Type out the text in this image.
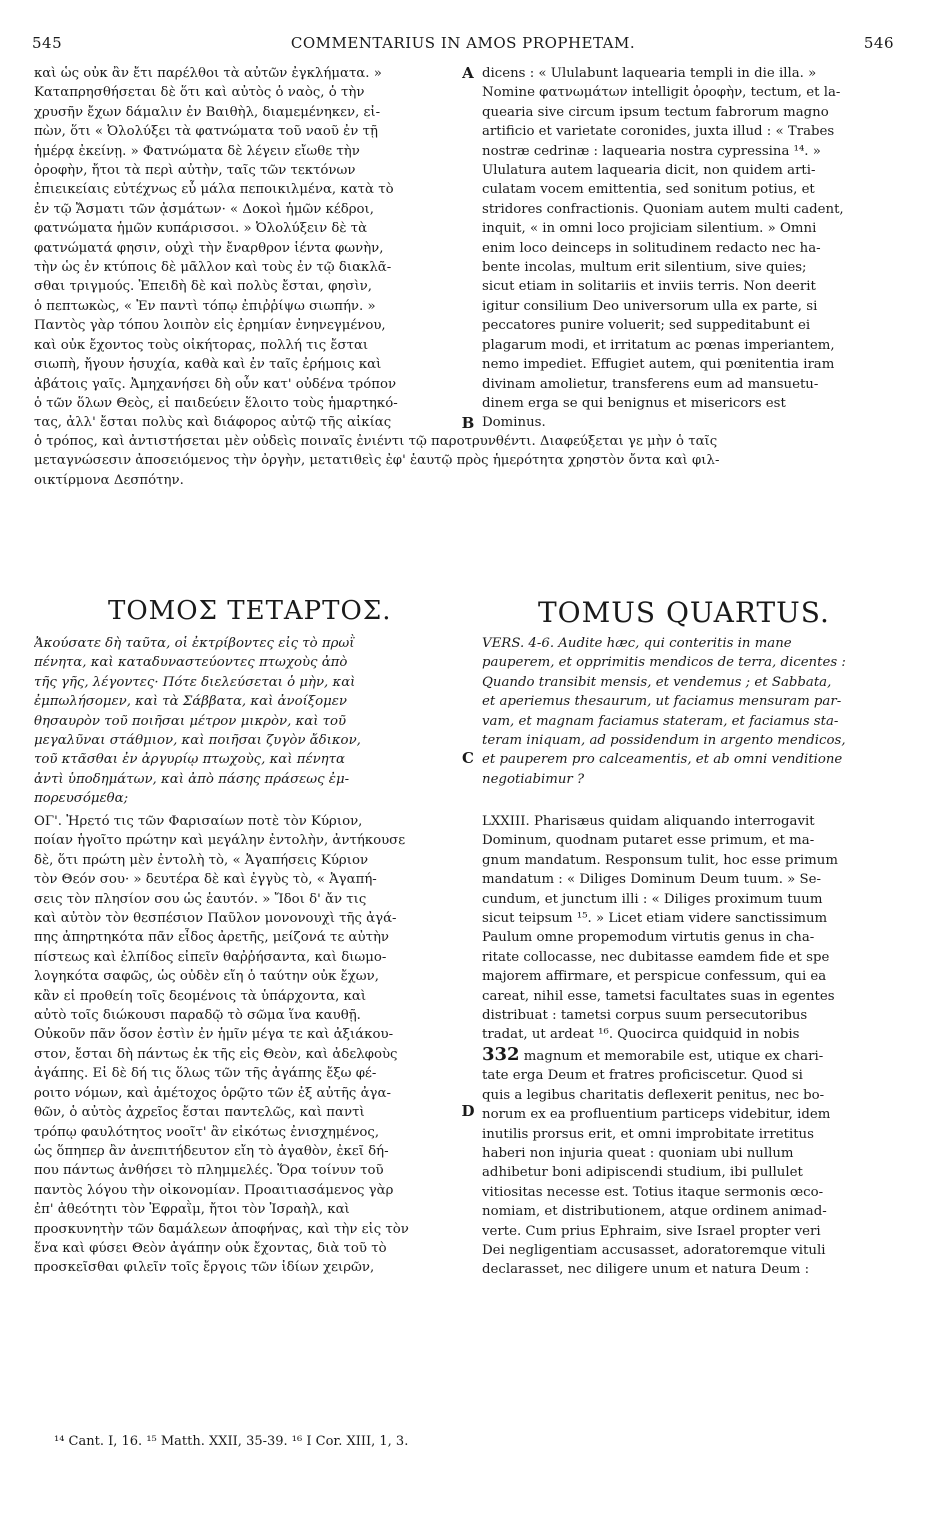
545	COMMENTARIUS IN AMOS PROPHETAM.	546
καὶ ὡς οὐκ ἂν ἔτι παρέλθοι τὰ αὐτῶν ἐγκλήματα. »
Καταπρησθήσεται δὲ ὅτι καὶ αὐτὸς ὁ ναὸς, ὁ τὴν
χρυσῆν ἔχων δάμαλιν ἐν Βαιθὴλ, διαμεμένηκεν, εἰ-
πὼν, ὅτι « Ὀλολύξει τὰ φατνώματα τοῦ ναοῦ ἐν τῇ
ἡμέρᾳ ἐκείνῃ. » Φατνώματα δὲ λέγειν εἴωθε τὴν
ὀροφὴν, ἤτοι τὰ περὶ αὐτὴν, ταῖς τῶν τεκτόνων
ἐπιεικείαις εὐτέχνως εὖ μάλα πεποικιλμένα, κατὰ τὸ
ἐν τῷ Ἄσματι τῶν ᾀσμάτων· « Δοκοὶ ἡμῶν κέδροι,
φατνώματα ἡμῶν κυπάρισσοι. » Ὀλολύξειν δὲ τὰ
φατνώματά φησιν, οὐχὶ τὴν ἔναρθρον ἱέντα φωνὴν,
τὴν ὡς ἐν κτύποις δὲ μᾶλλον καὶ τοὺς ἐν τῷ διακλᾶ-
σθαι τριγμούς. Ἐπειδὴ δὲ καὶ πολὺς ἔσται, φησὶν,
ὁ πεπτωκὼς, « Ἐν παντὶ τόπῳ ἐπιῤῥίψω σιωπήν. »
Παντὸς γὰρ τόπου λοιπὸν εἰς ἐρημίαν ἐνηνεγμένου,
καὶ οὐκ ἔχοντος τοὺς οἰκήτορας, πολλή τις ἔσται
σιωπὴ, ἤγουν ἡσυχία, καθὰ καὶ ἐν ταῖς ἐρήμοις καὶ
ἀβάτοις γαῖς. Ἀμηχανήσει δὴ οὖν κατ' οὐδένα τρόπον
ὁ τῶν ὅλων Θεὸς, εἰ παιδεύειν ἕλοιτο τοὺς ἡμαρτηκό-
τας, ἀλλ' ἔσται πολὺς καὶ διάφορος αὐτῷ τῆς αἰκίας
dicens : « Ululabunt laquearia templi in die illa. »
Nomine φατνωμάτων intelligit ὀροφὴν, tectum, et la-
quearia sive circum ipsum tectum fabrorum magno
artificio et varietate coronides, juxta illud : « Trabes
nostræ cedrinæ : laquearia nostra cypressina ¹⁴. »
Ululatura autem laquearia dicit, non quidem arti-
culatam vocem emittentia, sed sonitum potius, et
stridores confractionis. Quoniam autem multi cadent,
inquit, « in omni loco projiciam silentium. » Omni
enim loco deinceps in solitudinem redacto nec ha-
bente incolas, multum erit silentium, sive quies;
sicut etiam in solitariis et inviis terris. Non deerit
igitur consilium Deo universorum ulla ex parte, si
peccatores punire voluerit; sed suppeditabunt ei
plagarum modi, et irritatum ac pœnas imperiantem,
nemo impediet. Effugiet autem, qui pœnitentia iram
divinam amolietur, transferens eum ad mansuetu-
dinem erga se qui benignus et misericors est
Dominus.
A
B
ὁ τρόπος, καὶ ἀντιστήσεται μὲν οὐδεὶς ποιναῖς ἐνιέντι τῷ παροτρυνθέντι. Διαφεύξεται γε μὴν ὁ ταῖς
μεταγνώσεσιν ἀποσειόμενος τὴν ὀργὴν, μετατιθεὶς ἐφ' ἑαυτῷ πρὸς ἡμερότητα χρηστὸν ὄντα καὶ φιλ-
οικτίρμονα Δεσπότην.
ΤΟΜΟΣ ΤΕΤΑΡΤΟΣ.	TOMUS QUARTUS.
Ἀκούσατε δὴ ταῦτα, οἱ ἐκτρίβοντες εἰς τὸ πρωῒ
πένητα, καὶ καταδυναστεύοντες πτωχοὺς ἀπὸ
τῆς γῆς, λέγοντες· Πότε διελεύσεται ὁ μὴν, καὶ
ἐμπωλήσομεν, καὶ τὰ Σάββατα, καὶ ἀνοίξομεν
θησαυρὸν τοῦ ποιῆσαι μέτρον μικρὸν, καὶ τοῦ
μεγαλῦναι στάθμιον, καὶ ποιῆσαι ζυγὸν ἄδικον,
τοῦ κτᾶσθαι ἐν ἀργυρίῳ πτωχοὺς, καὶ πένητα
ἀντὶ ὑποδημάτων, καὶ ἀπὸ πάσης πράσεως ἐμ-
πορευσόμεθα;
VERS. 4-6. Audite hæc, qui conteritis in mane
pauperem, et opprimitis mendicos de terra, dicentes :
Quando transibit mensis, et vendemus ; et Sabbata,
et aperiemus thesaurum, ut faciamus mensuram par-
vam, et magnam faciamus stateram, et faciamus sta-
teram iniquam, ad possidendum in argento mendicos,
et pauperem pro calceamentis, et ab omni venditione
negotiabimur ?
C
ΟΓ'. Ἠρετό τις τῶν Φαρισαίων ποτὲ τὸν Κύριον,
ποίαν ἡγοῖτο πρώτην καὶ μεγάλην ἐντολὴν, ἀντήκουσε
δὲ, ὅτι πρώτη μὲν ἐντολὴ τὸ, « Ἀγαπήσεις Κύριον
τὸν Θεόν σου· » δευτέρα δὲ καὶ ἐγγὺς τὸ, « Ἀγαπή-
σεις τὸν πλησίον σου ὡς ἑαυτόν. » Ἴδοι δ' ἄν τις
καὶ αὐτὸν τὸν θεσπέσιον Παῦλον μονονουχὶ τῆς ἀγά-
πης ἀπηρτηκότα πᾶν εἶδος ἀρετῆς, μείζονά τε αὐτὴν
πίστεως καὶ ἐλπίδος εἰπεῖν θαῤῥήσαντα, καὶ διωμο-
λογηκότα σαφῶς, ὡς οὐδὲν εἴη ὁ ταύτην οὐκ ἔχων,
κἂν εἰ προθείη τοῖς δεομένοις τὰ ὑπάρχοντα, καὶ
αὐτὸ τοῖς διώκουσι παραδῷ τὸ σῶμα ἵνα καυθῇ.
Οὐκοῦν πᾶν ὅσον ἐστὶν ἐν ἡμῖν μέγα τε καὶ ἀξιάκου-
στον, ἔσται δὴ πάντως ἐκ τῆς εἰς Θεὸν, καὶ ἀδελφοὺς
ἀγάπης. Εἰ δὲ δή τις ὅλως τῶν τῆς ἀγάπης ἔξω φέ-
ροιτο νόμων, καὶ ἀμέτοχος ὁρῷτο τῶν ἐξ αὐτῆς ἀγα-
θῶν, ὁ αὐτὸς ἀχρεῖος ἔσται παντελῶς, καὶ παντὶ
τρόπῳ φαυλότητος νοοῖτ' ἂν εἰκότως ἐνισχημένος,
ὡς ὅπηπερ ἂν ἀνεπιτήδευτον εἴη τὸ ἀγαθὸν, ἐκεῖ δή-
που πάντως ἀνθήσει τὸ πλημμελές. Ὅρα τοίνυν τοῦ
παντὸς λόγου τὴν οἰκονομίαν. Προαιτιασάμενος γὰρ
ἐπ' ἀθεότητι τὸν Ἐφραῒμ, ἤτοι τὸν Ἰσραὴλ, καὶ
προσκυνητὴν τῶν δαμάλεων ἀποφήνας, καὶ τὴν εἰς τὸν
ἕνα καὶ φύσει Θεὸν ἀγάπην οὐκ ἔχοντας, διὰ τοῦ τὸ
προσκεῖσθαι φιλεῖν τοῖς ἔργοις τῶν ἰδίων χειρῶν,
LXXIII. Pharisæus quidam aliquando interrogavit
Dominum, quodnam putaret esse primum, et ma-
gnum mandatum. Responsum tulit, hoc esse primum
mandatum : « Diliges Dominum Deum tuum. » Se-
cundum, et junctum illi : « Diliges proximum tuum
sicut teipsum ¹⁵. » Licet etiam videre sanctissimum
Paulum omne propemodum virtutis genus in cha-
ritate collocasse, nec dubitasse eamdem fide et spe
majorem affirmare, et perspicue confessum, qui ea
careat, nihil esse, tametsi facultates suas in egentes
distribuat : tametsi corpus suum persecutoribus
tradat, ut ardeat ¹⁶. Quocirca quidquid in nobis
332 magnum et memorabile est, utique ex chari-
tate erga Deum et fratres proficiscetur. Quod si
quis a legibus charitatis deflexerit penitus, nec bo-
norum ex ea profluentium particeps videbitur, idem
inutilis prorsus erit, et omni improbitate irretitus
haberi non injuria queat : quoniam ubi nullum
adhibetur boni adipiscendi studium, ibi pullulet
vitiositas necesse est. Totius itaque sermonis œco-
nomiam, et distributionem, atque ordinem animad-
verte. Cum prius Ephraim, sive Israel propter veri
Dei negligentiam accusasset, adoratoremque vituli
declarasset, nec diligere unum et natura Deum :
D
¹⁴ Cant. I, 16. ¹⁵ Matth. XXII, 35-39. ¹⁶ I Cor. XIII, 1, 3.
